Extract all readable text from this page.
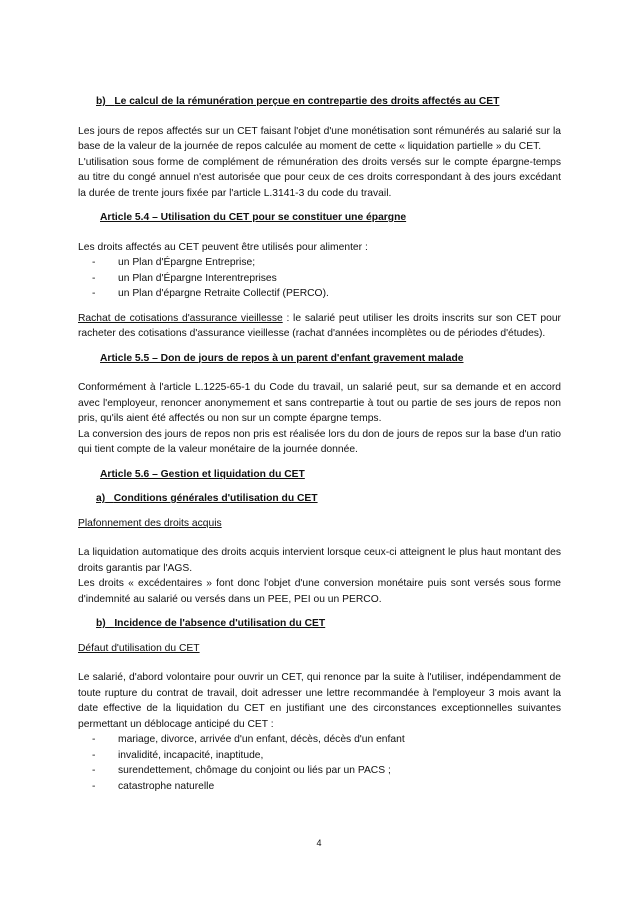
b) Le calcul de la rémunération perçue en contrepartie des droits affectés au CET

Les jours de repos affectés sur un CET faisant l'objet d'une monétisation sont rémunérés au salarié sur la base de la valeur de la journée de repos calculée au moment de cette « liquidation partielle » du CET.

L'utilisation sous forme de complément de rémunération des droits versés sur le compte épargne-temps au titre du congé annuel n'est autorisée que pour ceux de ces droits correspondant à des jours excédant la durée de trente jours fixée par l'article L.3141-3 du code du travail.

Article 5.4 – Utilisation du CET pour se constituer une épargne

Les droits affectés au CET peuvent être utilisés pour alimenter :

- un Plan d'Épargne Entreprise;
- un Plan d'Épargne Interentreprises
- un Plan d'épargne Retraite Collectif (PERCO).

Rachat de cotisations d'assurance vieillesse : le salarié peut utiliser les droits inscrits sur son CET pour racheter des cotisations d'assurance vieillesse (rachat d'années incomplètes ou de périodes d'études).

Article 5.5 – Don de jours de repos à un parent d'enfant gravement malade

Conformément à l'article L.1225-65-1 du Code du travail, un salarié peut, sur sa demande et en accord avec l'employeur, renoncer anonymement et sans contrepartie à tout ou partie de ses jours de repos non pris, qu'ils aient été affectés ou non sur un compte épargne temps.

La conversion des jours de repos non pris est réalisée lors du don de jours de repos sur la base d'un ratio qui tient compte de la valeur monétaire de la journée donnée.

Article 5.6 – Gestion et liquidation du CET

a) Conditions générales d'utilisation du CET

Plafonnement des droits acquis

La liquidation automatique des droits acquis intervient lorsque ceux-ci atteignent le plus haut montant des droits garantis par l'AGS.

Les droits « excédentaires » font donc l'objet d'une conversion monétaire puis sont versés sous forme d'indemnité au salarié ou versés dans un PEE, PEI ou un PERCO.

b) Incidence de l'absence d'utilisation du CET

Défaut d'utilisation du CET

Le salarié, d'abord volontaire pour ouvrir un CET, qui renonce par la suite à l'utiliser, indépendamment de toute rupture du contrat de travail, doit adresser une lettre recommandée à l'employeur 3 mois avant la date effective de la liquidation du CET en justifiant une des circonstances exceptionnelles suivantes permettant un déblocage anticipé du CET :

- mariage, divorce, arrivée d'un enfant, décès, décès d'un enfant
- invalidité, incapacité, inaptitude,
- surendettement, chômage du conjoint ou liés par un PACS ;
- catastrophe naturelle
4
